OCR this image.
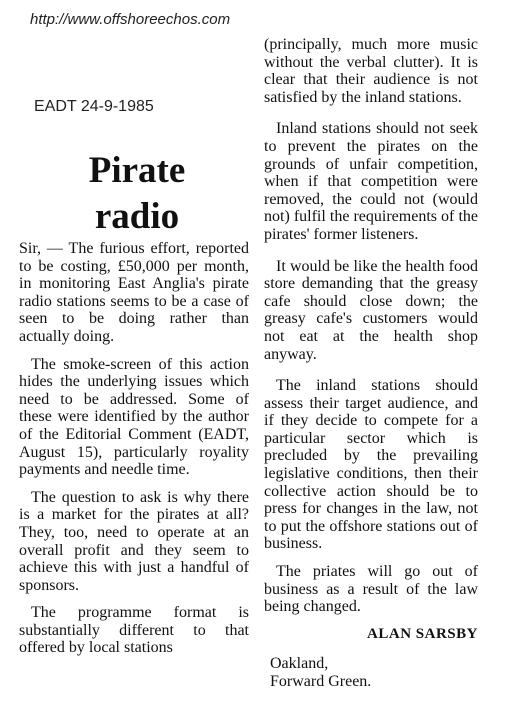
http://www.offshoreechos.com
EADT 24-9-1985
Pirate
radio

Sir, — The furious effort, reported to be costing, £50,000 per month, in monitoring East Anglia's pirate radio stations seems to be a case of seen to be doing rather than actually doing.

The smoke-screen of this action hides the underlying issues which need to be addressed. Some of these were identified by the author of the Editorial Comment (EADT, August 15), particularly royality payments and needle time.

The question to ask is why there is a market for the pirates at all? They, too, need to operate at an overall profit and they seem to achieve this with just a handful of sponsors.

The programme format is substantially different to that offered by local stations

(principally, much more music without the verbal clutter). It is clear that their audience is not satisfied by the inland stations.

Inland stations should not seek to prevent the pirates on the grounds of unfair competition, when if that competition were removed, the could not (would not) fulfil the requirements of the pirates' former listeners.

It would be like the health food store demanding that the greasy cafe should close down; the greasy cafe's customers would not eat at the health shop anyway.

The inland stations should assess their target audience, and if they decide to compete for a particular sector which is precluded by the prevailing legislative conditions, then their collective action should be to press for changes in the law, not to put the offshore stations out of business.

The priates will go out of business as a result of the law being changed.

ALAN SARSBY
Oakland,
Forward Green.
